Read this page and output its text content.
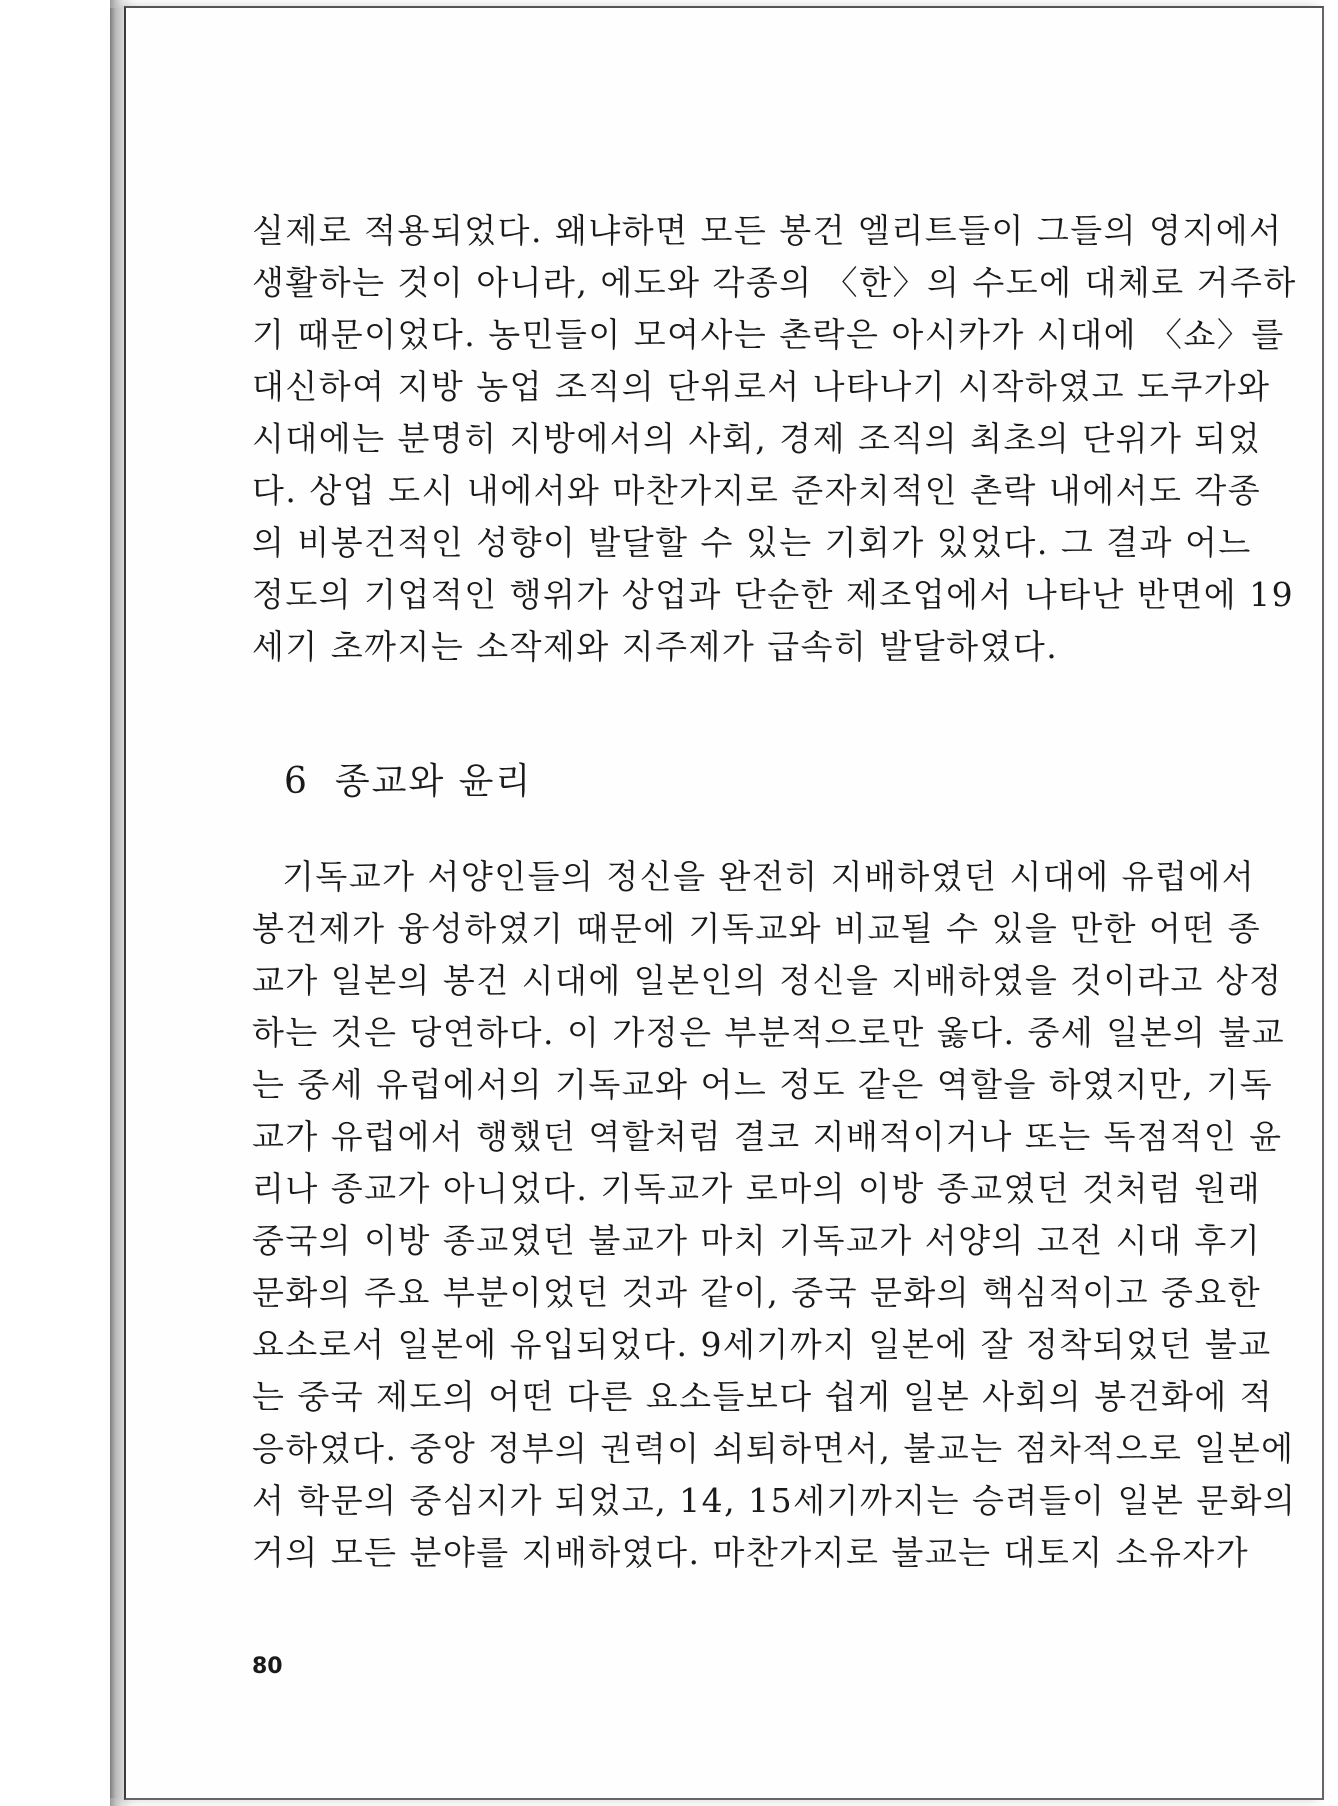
실제로 적용되었다. 왜냐하면 모든 봉건 엘리트들이 그들의 영지에서
생활하는 것이 아니라, 에도와 각종의 〈한〉의 수도에 대체로 거주하
기 때문이었다. 농민들이 모여사는 촌락은 아시카가 시대에 〈쇼〉를
대신하여 지방 농업 조직의 단위로서 나타나기 시작하였고 도쿠가와
시대에는 분명히 지방에서의 사회, 경제 조직의 최초의 단위가 되었
다. 상업 도시 내에서와 마찬가지로 준자치적인 촌락 내에서도 각종
의 비봉건적인 성향이 발달할 수 있는 기회가 있었다. 그 결과 어느
정도의 기업적인 행위가 상업과 단순한 제조업에서 나타난 반면에 19
세기 초까지는 소작제와 지주제가 급속히 발달하였다.
6 종교와 윤리
기독교가 서양인들의 정신을 완전히 지배하였던 시대에 유럽에서
봉건제가 융성하였기 때문에 기독교와 비교될 수 있을 만한 어떤 종
교가 일본의 봉건 시대에 일본인의 정신을 지배하였을 것이라고 상정
하는 것은 당연하다. 이 가정은 부분적으로만 옳다. 중세 일본의 불교
는 중세 유럽에서의 기독교와 어느 정도 같은 역할을 하였지만, 기독
교가 유럽에서 행했던 역할처럼 결코 지배적이거나 또는 독점적인 윤
리나 종교가 아니었다. 기독교가 로마의 이방 종교였던 것처럼 원래
중국의 이방 종교였던 불교가 마치 기독교가 서양의 고전 시대 후기
문화의 주요 부분이었던 것과 같이, 중국 문화의 핵심적이고 중요한
요소로서 일본에 유입되었다. 9세기까지 일본에 잘 정착되었던 불교
는 중국 제도의 어떤 다른 요소들보다 쉽게 일본 사회의 봉건화에 적
응하였다. 중앙 정부의 권력이 쇠퇴하면서, 불교는 점차적으로 일본에
서 학문의 중심지가 되었고, 14, 15세기까지는 승려들이 일본 문화의
거의 모든 분야를 지배하였다. 마찬가지로 불교는 대토지 소유자가
80
